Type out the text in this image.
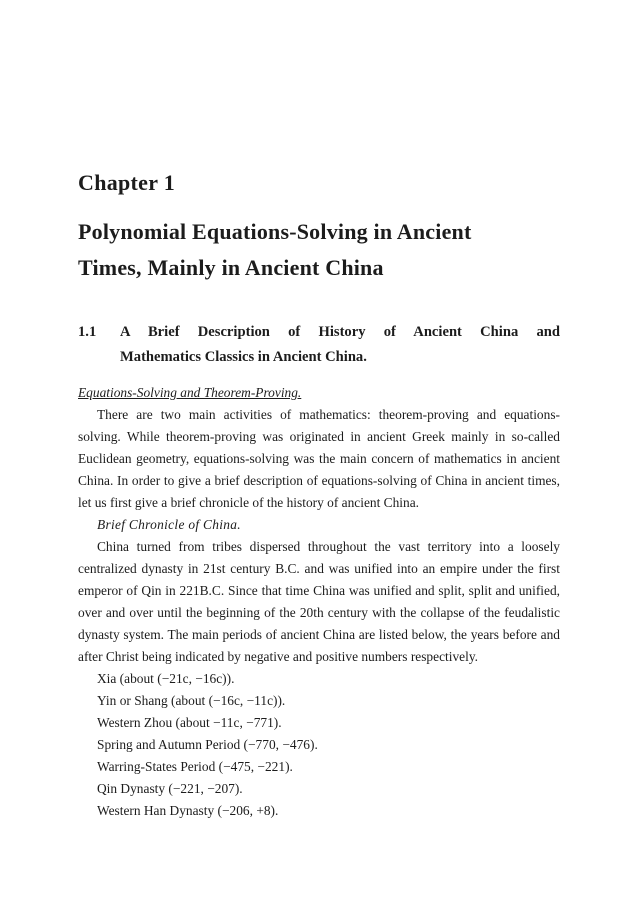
Chapter 1
Polynomial Equations-Solving in Ancient
Times, Mainly in Ancient China
1.1	A Brief Description of History of Ancient China and
Mathematics Classics in Ancient China.
Equations-Solving and Theorem-Proving.

There are two main activities of mathematics: theorem-proving and equations-solving. While theorem-proving was originated in ancient Greek mainly in so-called Euclidean geometry, equations-solving was the main concern of mathematics in ancient China. In order to give a brief description of equations-solving of China in ancient times, let us first give a brief chronicle of the history of ancient China.

Brief Chronicle of China.

China turned from tribes dispersed throughout the vast territory into a loosely centralized dynasty in 21st century B.C. and was unified into an empire under the first emperor of Qin in 221B.C. Since that time China was unified and split, split and unified, over and over until the beginning of the 20th century with the collapse of the feudalistic dynasty system. The main periods of ancient China are listed below, the years before and after Christ being indicated by negative and positive numbers respectively.

Xia (about (−21c, −16c)).
Yin or Shang (about (−16c, −11c)).
Western Zhou (about −11c, −771).
Spring and Autumn Period (−770, −476).
Warring-States Period (−475, −221).
Qin Dynasty (−221, −207).
Western Han Dynasty (−206, +8).
